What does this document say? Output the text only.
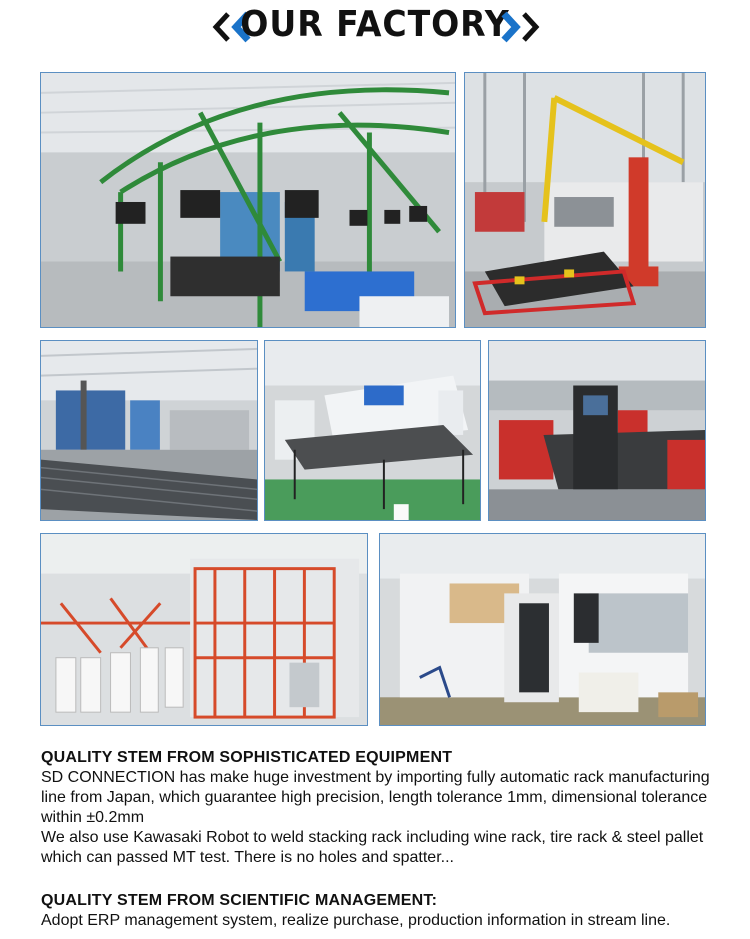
OUR FACTORY
QUALITY STEM FROM SOPHISTICATED EQUIPMENT
SD CONNECTION has make huge investment by importing fully automatic rack manufacturing line from Japan, which guarantee high precision, length tolerance 1mm, dimensional tolerance within ±0.2mm
We also use Kawasaki Robot to weld stacking rack including wine rack, tire rack & steel pallet which can passed MT test. There is no holes and spatter...
QUALITY STEM FROM SCIENTIFIC MANAGEMENT:
Adopt ERP management system, realize purchase, production information in stream line.
